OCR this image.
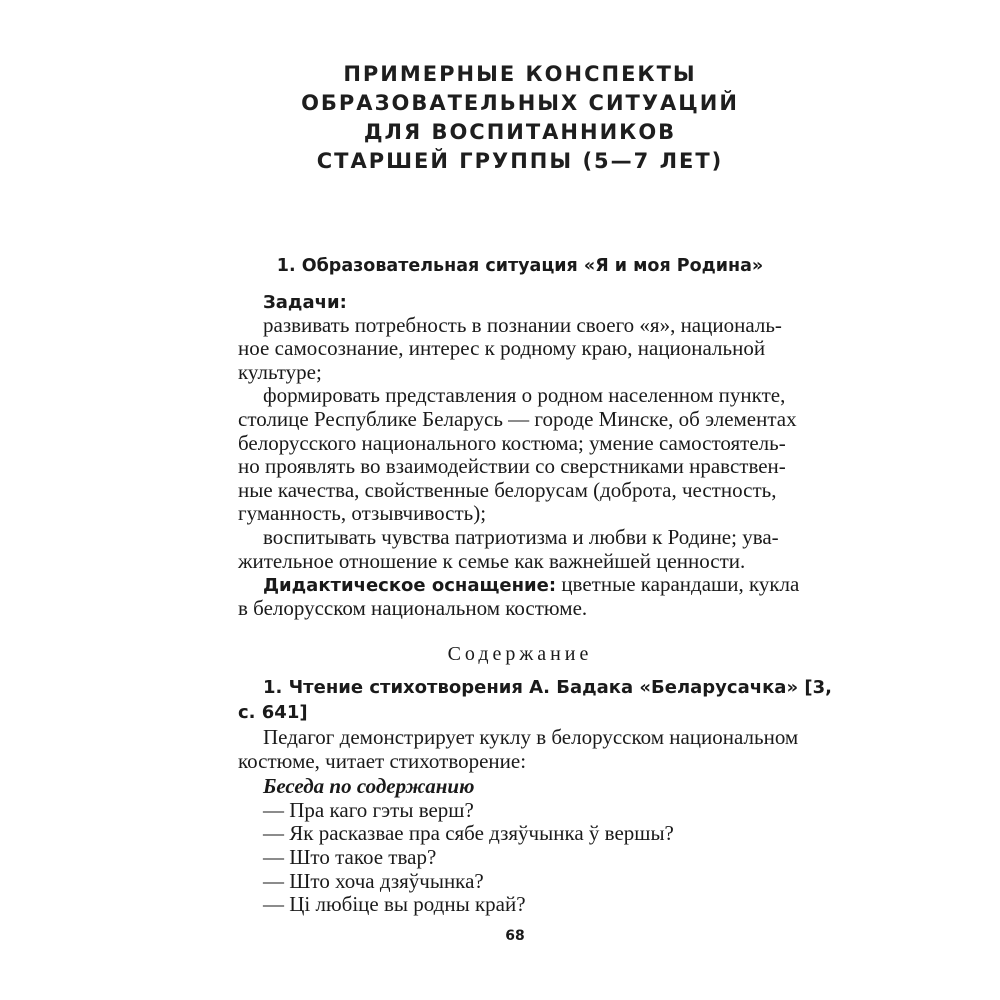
ПРИМЕРНЫЕ КОНСПЕКТЫ
ОБРАЗОВАТЕЛЬНЫХ СИТУАЦИЙ
ДЛЯ ВОСПИТАННИКОВ
СТАРШЕЙ ГРУППЫ (5—7 ЛЕТ)
1. Образовательная ситуация «Я и моя Родина»
Задачи:
развивать потребность в познании своего «я», националь-
ное самосознание, интерес к родному краю, национальной
культуре;
формировать представления о родном населенном пункте,
столице Республике Беларусь — городе Минске, об элементах
белорусского национального костюма; умение самостоятель-
но проявлять во взаимодействии со сверстниками нравствен-
ные качества, свойственные белорусам (доброта, честность,
гуманность, отзывчивость);
воспитывать чувства патриотизма и любви к Родине; ува-
жительное отношение к семье как важнейшей ценности.
Дидактическое оснащение: цветные карандаши, кукла
в белорусском национальном костюме.
Содержание
1. Чтение стихотворения А. Бадака «Беларусачка» [3,
с. 641]
Педагог демонстрирует куклу в белорусском национальном
костюме, читает стихотворение:
Беседа по содержанию
— Пра каго гэты верш?
— Як расказвае пра сябе дзяўчынка ў вершы?
— Што такое твар?
— Што хоча дзяўчынка?
— Ці любіце вы родны край?
68
